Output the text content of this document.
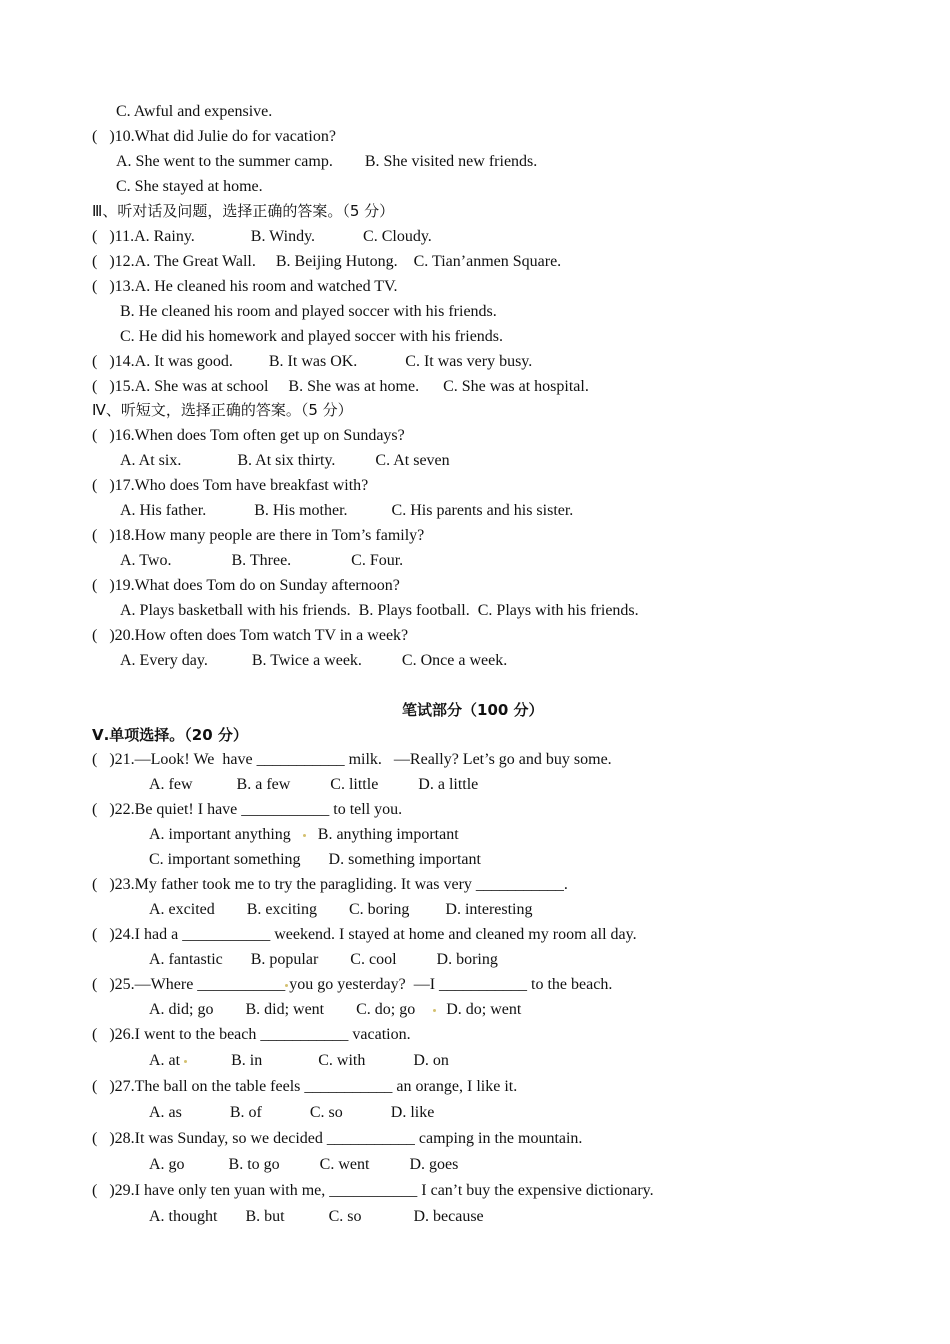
C. Awful and expensive.
(   )10.What did Julie do for vacation?
A. She went to the summer camp.        B. She visited new friends.
C. She stayed at home.
Ⅲ、听对话及问题，选择正确的答案。（5 分）
(   )11.A. Rainy.              B. Windy.            C. Cloudy.
(   )12.A. The Great Wall.     B. Beijing Hutong.    C. Tian’anmen Square.
(   )13.A. He cleaned his room and watched TV.
B. He cleaned his room and played soccer with his friends.
C. He did his homework and played soccer with his friends.
(   )14.A. It was good.         B. It was OK.            C. It was very busy.
(   )15.A. She was at school     B. She was at home.      C. She was at hospital.
Ⅳ、听短文，选择正确的答案。（5 分）
(   )16.When does Tom often get up on Sundays?
A. At six.              B. At six thirty.          C. At seven
(   )17.Who does Tom have breakfast with?
A. His father.            B. His mother.           C. His parents and his sister.
(   )18.How many people are there in Tom’s family?
A. Two.               B. Three.               C. Four.
(   )19.What does Tom do on Sunday afternoon?
A. Plays basketball with his friends.  B. Plays football.  C. Plays with his friends.
(   )20.How often does Tom watch TV in a week?
A. Every day.           B. Twice a week.          C. Once a week.
笔试部分（100 分）
Ⅴ.单项选择。（20 分）
(   )21.—Look! We  have ___________ milk.   —Really? Let’s go and buy some.
A. few           B. a few          C. little          D. a little
(   )22.Be quiet! I have ___________ to tell you.
A. important anything B. anything important
C. important something       D. something important
(   )23.My father took me to try the paragliding. It was very ___________.
A. excited        B. exciting        C. boring         D. interesting
(   )24.I had a ___________ weekend. I stayed at home and cleaned my room all day.
A. fantastic       B. popular        C. cool          D. boring
(   )25.—Where ___________ you go yesterday?  —I ___________ to the beach.
A. did; go        B. did; went        C. do; go D. do; went
(   )26.I went to the beach ___________ vacation.
A. at	B. in              C. with            D. on
(   )27.The ball on the table feels ___________ an orange, I like it.
A. as            B. of            C. so            D. like
(   )28.It was Sunday, so we decided ___________ camping in the mountain.
A. go           B. to go          C. went          D. goes
(   )29.I have only ten yuan with me, ___________ I can’t buy the expensive dictionary.
A. thought       B. but           C. so             D. because
